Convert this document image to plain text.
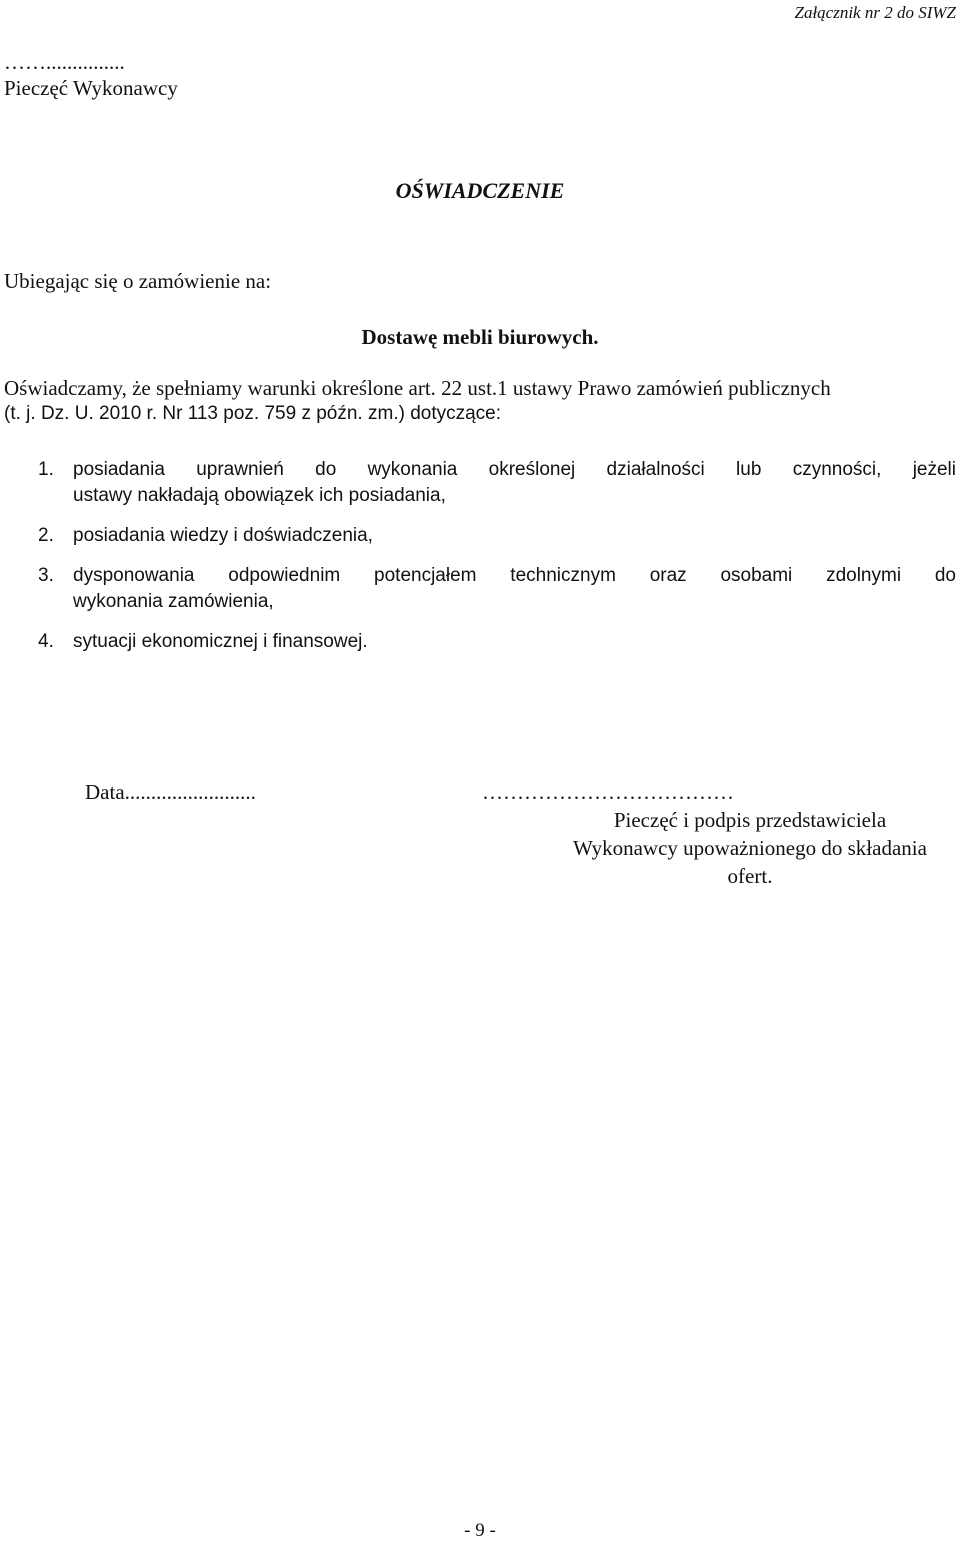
Załącznik nr 2 do SIWZ
……...............
Pieczęć Wykonawcy
OŚWIADCZENIE
Ubiegając się o zamówienie na:
Dostawę mebli biurowych.
Oświadczamy, że spełniamy warunki określone art. 22 ust.1 ustawy Prawo zamówień publicznych
(t. j. Dz. U. 2010 r. Nr 113 poz. 759 z późn. zm.) dotyczące:
1. posiadania uprawnień do wykonania określonej działalności lub czynności, jeżeli
ustawy nakładają obowiązek ich posiadania,
2. posiadania wiedzy i doświadczenia,
3. dysponowania odpowiednim potencjałem technicznym oraz osobami zdolnymi do
wykonania zamówienia,
4. sytuacji ekonomicznej i finansowej.
Data.........................	………………………………
Pieczęć i podpis przedstawiciela
Wykonawcy upoważnionego do składania
ofert.
- 9 -
